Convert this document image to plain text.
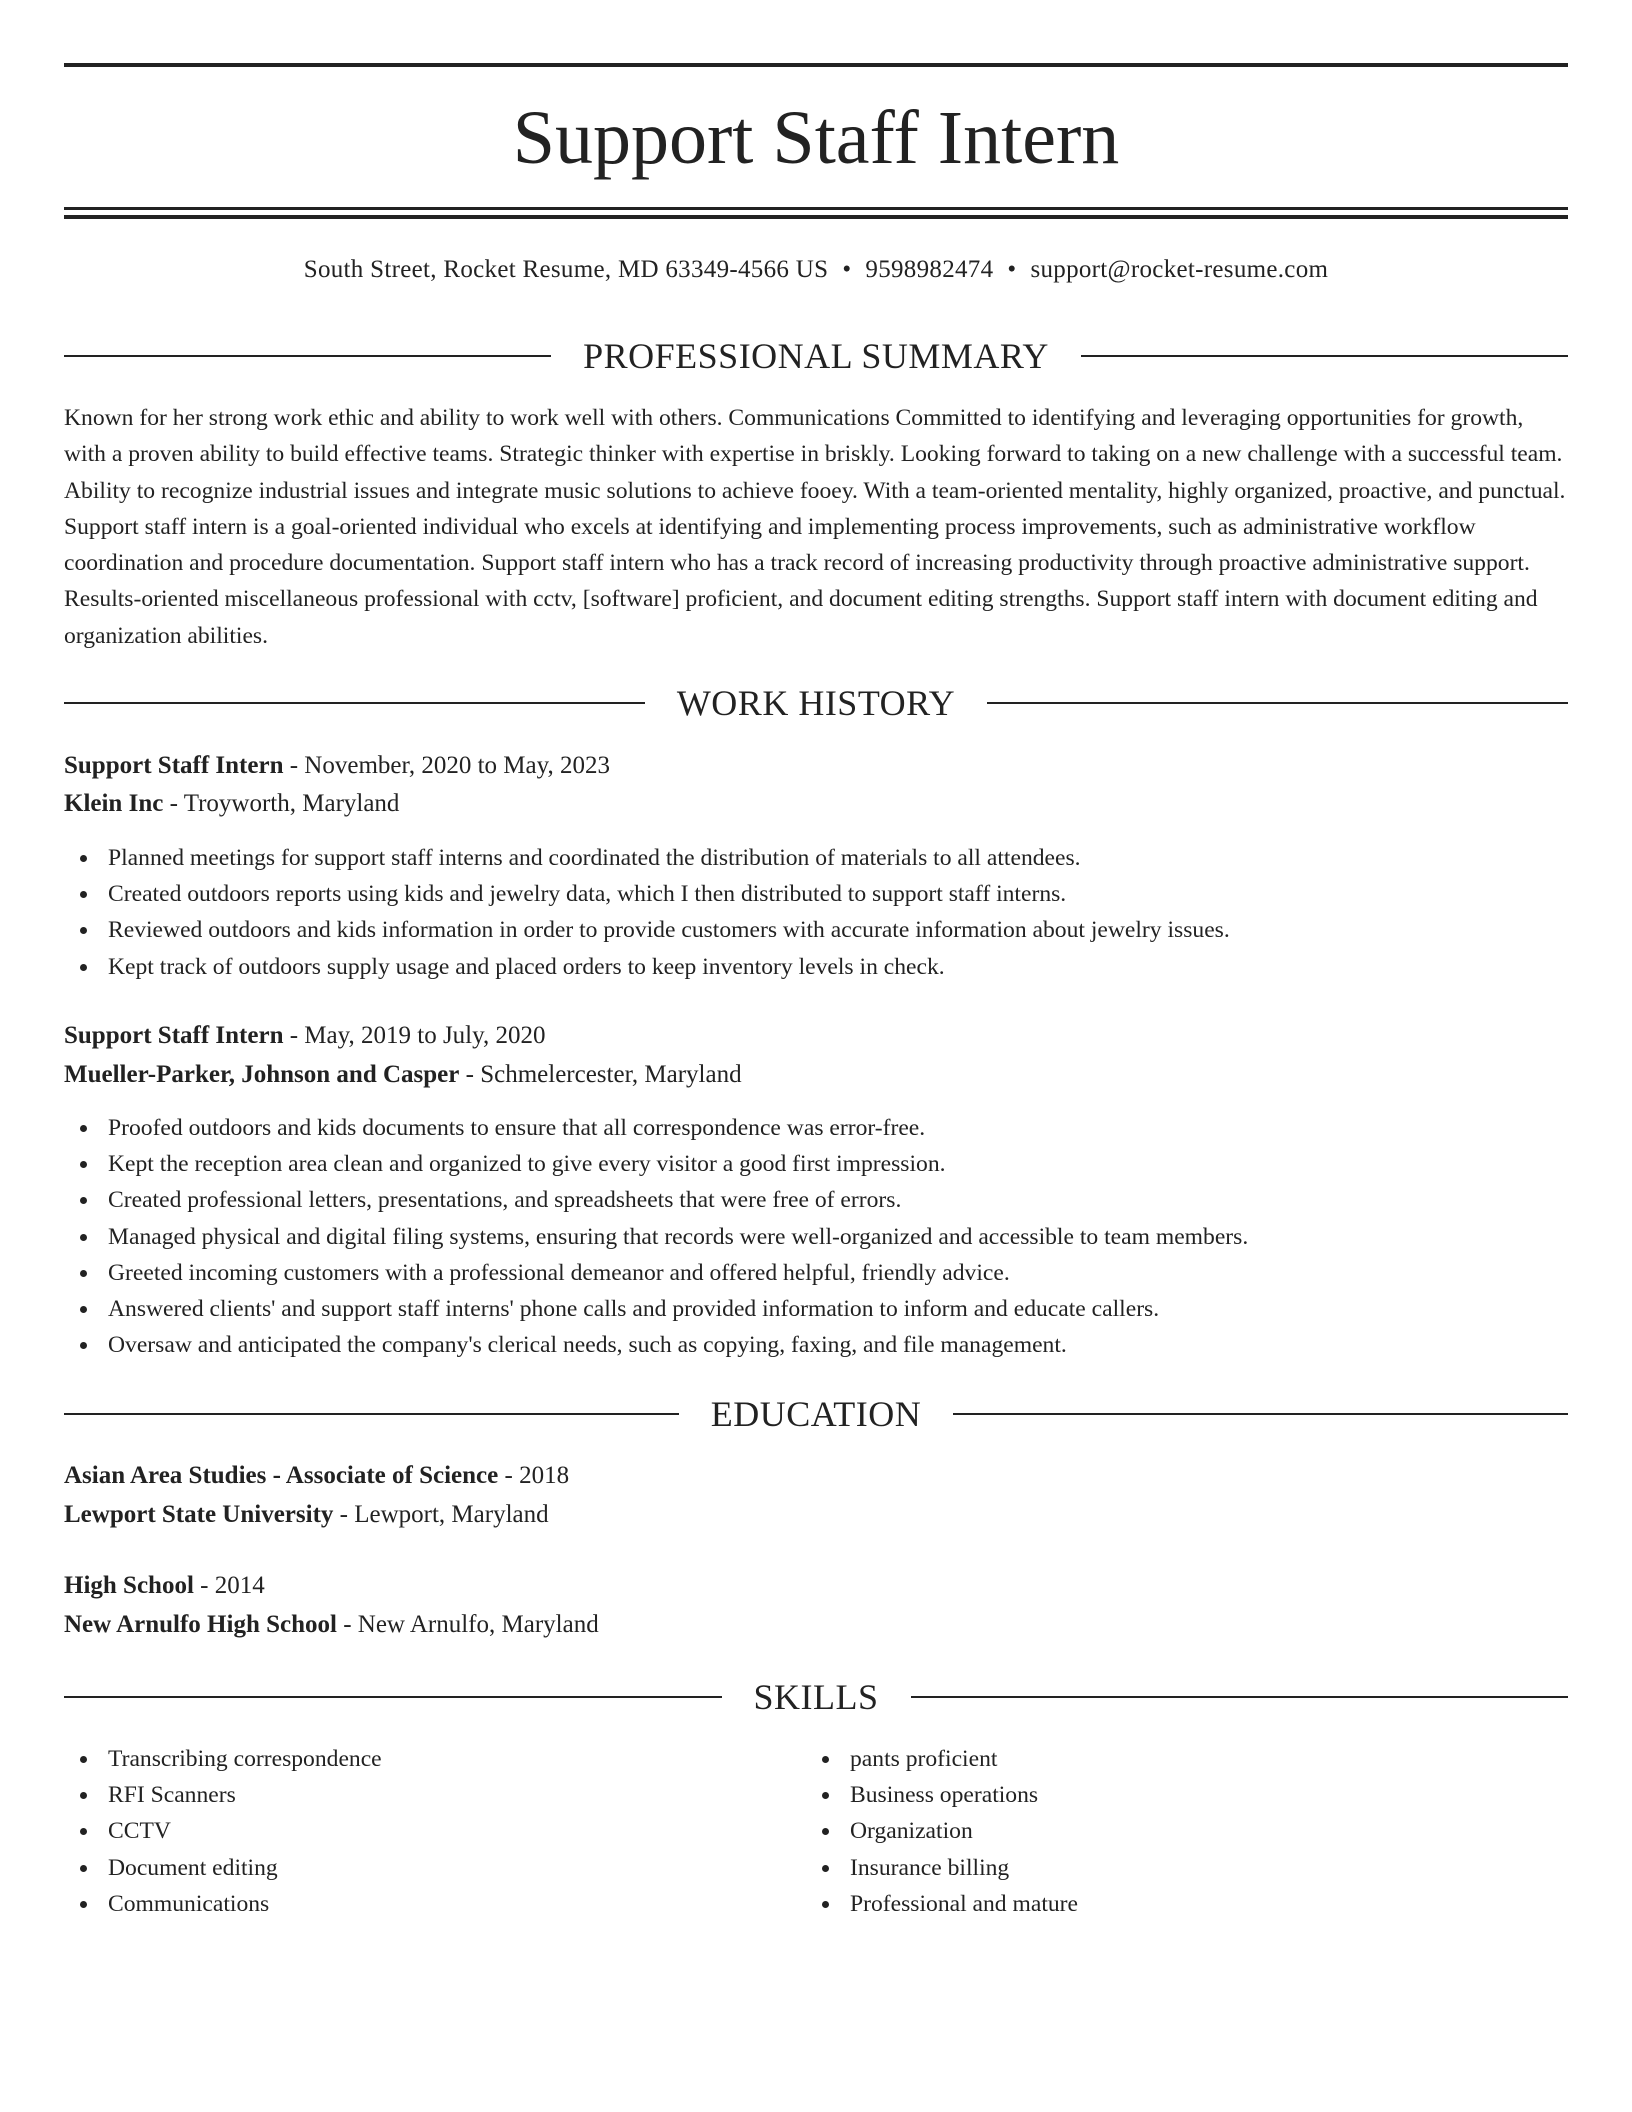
Support Staff Intern
South Street, Rocket Resume, MD 63349-4566 US • 9598982474 • support@rocket-resume.com
PROFESSIONAL SUMMARY

Known for her strong work ethic and ability to work well with others. Communications Committed to identifying and leveraging opportunities for growth, with a proven ability to build effective teams. Strategic thinker with expertise in briskly. Looking forward to taking on a new challenge with a successful team. Ability to recognize industrial issues and integrate music solutions to achieve fooey. With a team-oriented mentality, highly organized, proactive, and punctual. Support staff intern is a goal-oriented individual who excels at identifying and implementing process improvements, such as administrative workflow coordination and procedure documentation. Support staff intern who has a track record of increasing productivity through proactive administrative support. Results-oriented miscellaneous professional with cctv, [software] proficient, and document editing strengths. Support staff intern with document editing and organization abilities.

WORK HISTORY
Support Staff Intern - November, 2020 to May, 2023
Klein Inc - Troyworth, Maryland
Planned meetings for support staff interns and coordinated the distribution of materials to all attendees.
Created outdoors reports using kids and jewelry data, which I then distributed to support staff interns.
Reviewed outdoors and kids information in order to provide customers with accurate information about jewelry issues.
Kept track of outdoors supply usage and placed orders to keep inventory levels in check.
Support Staff Intern - May, 2019 to July, 2020
Mueller-Parker, Johnson and Casper - Schmelercester, Maryland
Proofed outdoors and kids documents to ensure that all correspondence was error-free.
Kept the reception area clean and organized to give every visitor a good first impression.
Created professional letters, presentations, and spreadsheets that were free of errors.
Managed physical and digital filing systems, ensuring that records were well-organized and accessible to team members.
Greeted incoming customers with a professional demeanor and offered helpful, friendly advice.
Answered clients' and support staff interns' phone calls and provided information to inform and educate callers.
Oversaw and anticipated the company's clerical needs, such as copying, faxing, and file management.
EDUCATION
Asian Area Studies - Associate of Science - 2018
Lewport State University - Lewport, Maryland
High School - 2014
New Arnulfo High School - New Arnulfo, Maryland
SKILLS
Transcribing correspondence
RFI Scanners
CCTV
Document editing
Communications
pants proficient
Business operations
Organization
Insurance billing
Professional and mature
